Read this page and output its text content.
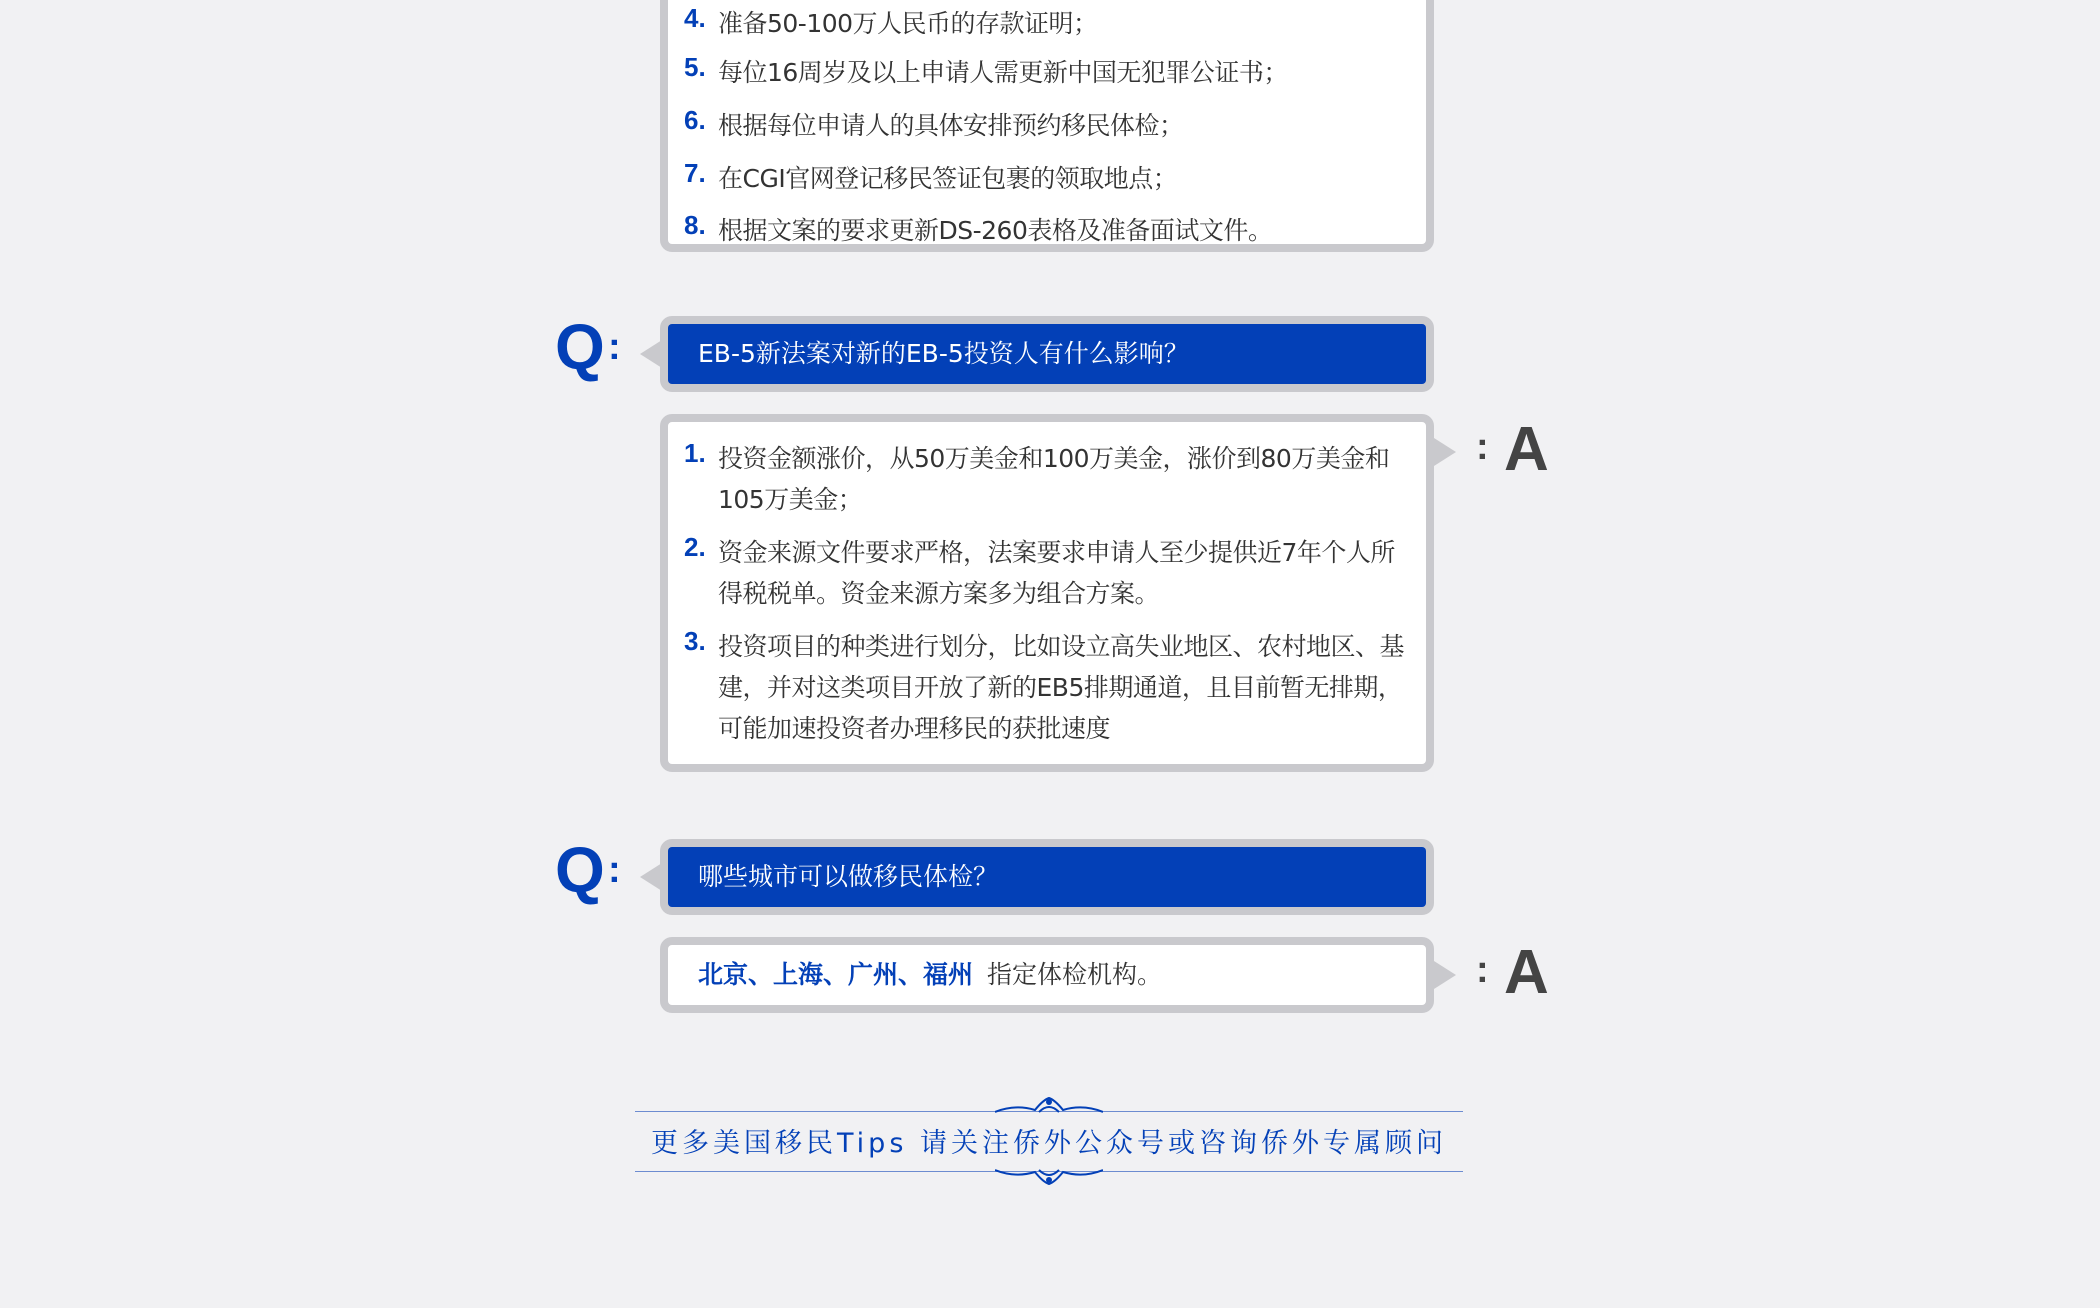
4. 准备50-100万人民币的存款证明；
5. 每位16周岁及以上申请人需更新中国无犯罪公证书；
6. 根据每位申请人的具体安排预约移民体检；
7. 在CGI官网登记移民签证包裹的领取地点；
8. 根据文案的要求更新DS-260表格及准备面试文件。
Q :	EB-5新法案对新的EB-5投资人有什么影响？
1. 投资金额涨价，从50万美金和100万美金，涨价到80万美金和105万美金；
2. 资金来源文件要求严格，法案要求申请人至少提供近7年个人所得税税单。资金来源方案多为组合方案。
3. 投资项目的种类进行划分，比如设立高失业地区、农村地区、基建，并对这类项目开放了新的EB5排期通道，且目前暂无排期，可能加速投资者办理移民的获批速度
: A
Q :	哪些城市可以做移民体检？
北京、上海、广州、福州 指定体检机构。	: A
更多美国移民Tips 请关注侨外公众号或咨询侨外专属顾问
